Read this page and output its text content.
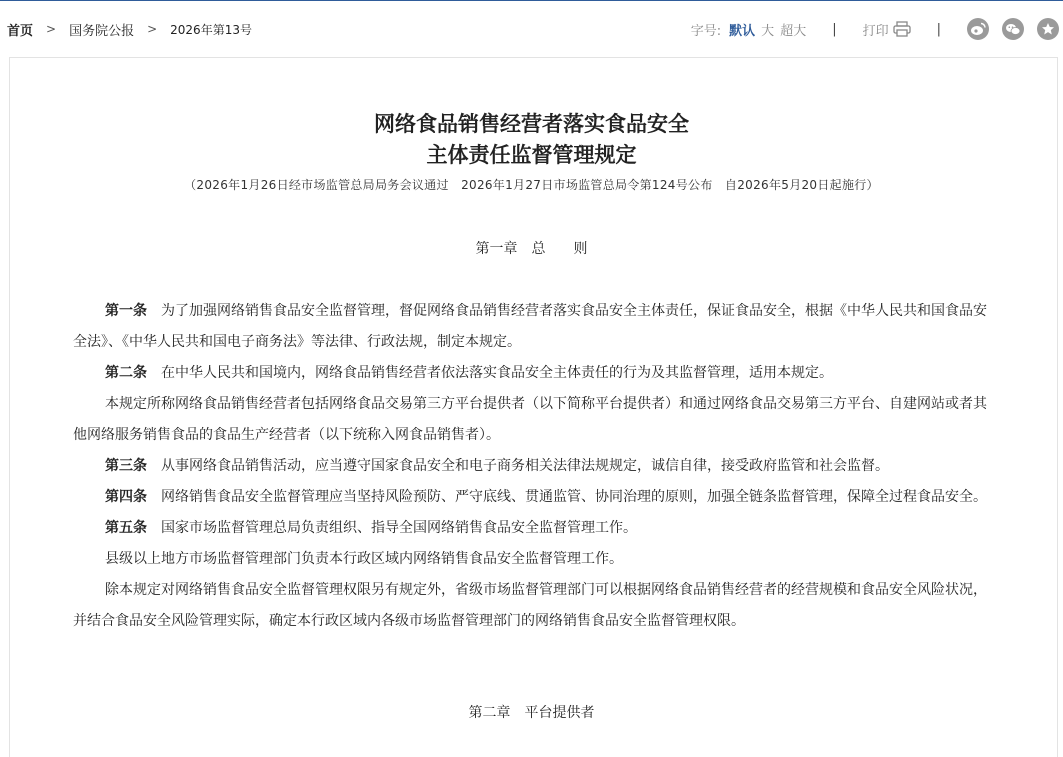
首页 > 国务院公报 > 2026年第13号	字号: 默认 大 超大 | 打印	|
网络食品销售经营者落实食品安全
主体责任监督管理规定
（2026年1月26日经市场监管总局局务会议通过　2026年1月27日市场监管总局令第124号公布　自2026年5月20日起施行）
第一章　总　　则

第一条 为了加强网络销售食品安全监督管理，督促网络食品销售经营者落实食品安全主体责任，保证食品安全，根据《中华人民共和国食品安全法》、《中华人民共和国电子商务法》等法律、行政法规，制定本规定。

第二条 在中华人民共和国境内，网络食品销售经营者依法落实食品安全主体责任的行为及其监督管理，适用本规定。

本规定所称网络食品销售经营者包括网络食品交易第三方平台提供者（以下简称平台提供者）和通过网络食品交易第三方平台、自建网站或者其他网络服务销售食品的食品生产经营者（以下统称入网食品销售者）。

第三条 从事网络食品销售活动，应当遵守国家食品安全和电子商务相关法律法规规定，诚信自律，接受政府监管和社会监督。

第四条 网络销售食品安全监督管理应当坚持风险预防、严守底线、贯通监管、协同治理的原则，加强全链条监督管理，保障全过程食品安全。

第五条 国家市场监督管理总局负责组织、指导全国网络销售食品安全监督管理工作。

县级以上地方市场监督管理部门负责本行政区域内网络销售食品安全监督管理工作。

除本规定对网络销售食品安全监督管理权限另有规定外，省级市场监督管理部门可以根据网络食品销售经营者的经营规模和食品安全风险状况，并结合食品安全风险管理实际，确定本行政区域内各级市场监督管理部门的网络销售食品安全监督管理权限。

第二章　平台提供者
